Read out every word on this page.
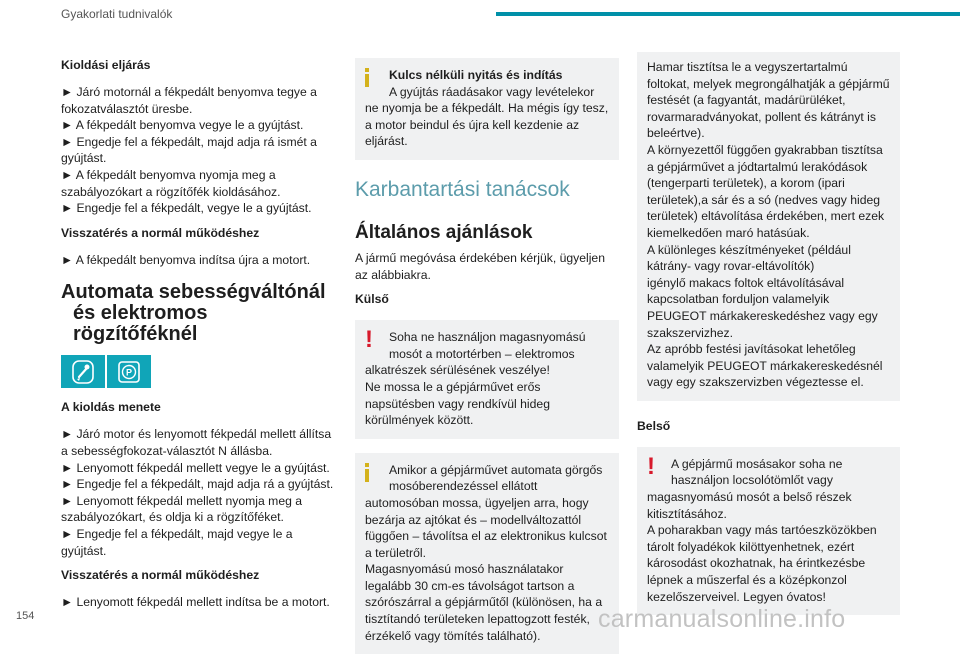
Gyakorlati tudnivalók
Kioldási eljárás
► Járó motornál a fékpedált benyomva tegye a fokozatválasztót üresbe.
► A fékpedált benyomva vegye le a gyújtást.
► Engedje fel a fékpedált, majd adja rá ismét a gyújtást.
► A fékpedált benyomva nyomja meg a szabályozókart a rögzítőfék kioldásához.
► Engedje fel a fékpedált, vegye le a gyújtást.
Visszatérés a normál működéshez
► A fékpedált benyomva indítsa újra a motort.
Automata sebességváltónál
és elektromos rögzítőféknél
P
A kioldás menete
► Járó motor és lenyomott fékpedál mellett állítsa a sebességfokozat-választót N állásba.
► Lenyomott fékpedál mellett vegye le a gyújtást.
► Engedje fel a fékpedált, majd adja rá a gyújtást.
► Lenyomott fékpedál mellett nyomja meg a szabályozókart, és oldja ki a rögzítőféket.
► Engedje fel a fékpedált, majd vegye le a gyújtást.
Visszatérés a normál működéshez
► Lenyomott fékpedál mellett indítsa be a motort.
Kulcs nélküli nyitás és indítás
A gyújtás ráadásakor vagy levételekor
ne nyomja be a fékpedált. Ha mégis így tesz, a motor beindul és újra kell kezdenie az eljárást.
Karbantartási tanácsok
Általános ajánlások
A jármű megóvása érdekében kérjük, ügyeljen az alábbiakra.
Külső
!	Soha ne használjon magasnyomású
mosót a motortérben – elektromos
alkatrészek sérülésének veszélye!
Ne mossa le a gépjárművet erős napsütésben vagy rendkívül hideg körülmények között.
Amikor a gépjárművet automata görgős
mosóberendezéssel ellátott
automosóban mossa, ügyeljen arra, hogy bezárja az ajtókat és – modellváltozattól függően – távolítsa el az elektronikus kulcsot a területről.
Magasnyomású mosó használatakor legalább 30 cm-es távolságot tartson a szórószárral a gépjárműtől (különösen, ha a tisztítandó területeken lepattogzott festék, érzékelő vagy tömítés található).
Hamar tisztítsa le a vegyszertartalmú foltokat, melyek megrongálhatják a gépjármű festését (a fagyantát, madárürüléket, rovarmaradványokat, pollent és kátrányt is beleértve).
A környezettől függően gyakrabban tisztítsa a gépjárművet a jódtartalmú lerakódások (tengerparti területek), a korom (ipari területek),a sár és a só (nedves vagy hideg területek) eltávolítása érdekében, mert ezek kiemelkedően maró hatásúak.
A különleges készítményeket (például kátrány- vagy rovar-eltávolítók)
igénylő makacs foltok eltávolításával kapcsolatban forduljon valamelyik PEUGEOT márkakereskedéshez vagy egy szakszervizhez.
Az apróbb festési javításokat lehetőleg valamelyik PEUGEOT márkakereskedésnél vagy egy szakszervizben végeztesse el.
Belső
!	A gépjármű mosásakor soha ne
használjon locsolótömlőt vagy
magasnyomású mosót a belső részek kitisztításához.
A poharakban vagy más tartóeszközökben tárolt folyadékok kilöttyenhetnek, ezért károsodást okozhatnak, ha érintkezésbe lépnek a műszerfal és a középkonzol kezelőszerveivel. Legyen óvatos!
154	carmanualsonline.info
